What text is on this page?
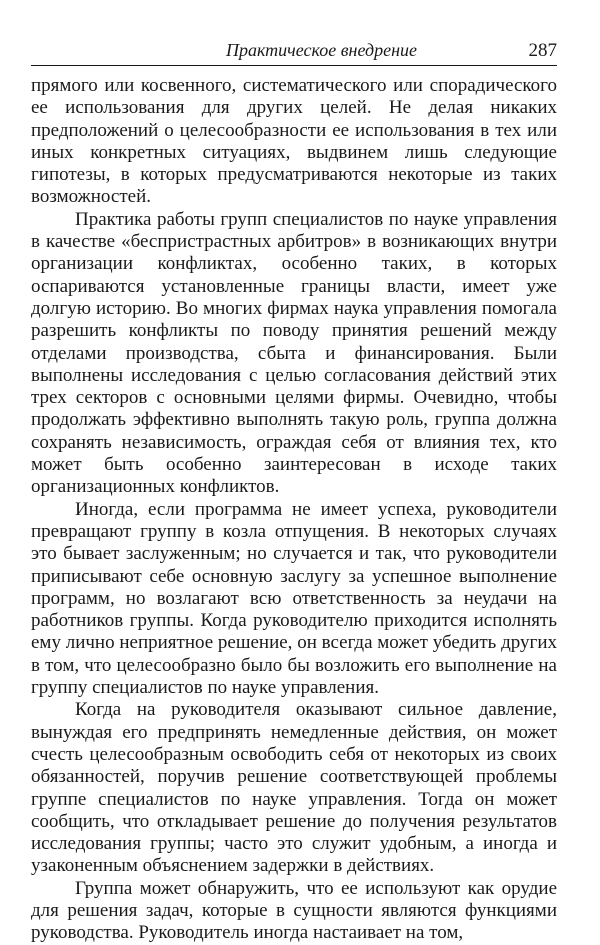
Практическое внедрение	287

прямого или косвенного, систематического или спорадического ее использования для других целей. Не делая никаких предположений о целесообразности ее использования в тех или иных конкретных ситуациях, выдвинем лишь следующие гипотезы, в которых предусматриваются некоторые из таких возможностей.

Практика работы групп специалистов по науке управления в качестве «беспристрастных арбитров» в возникающих внутри организации конфликтах, особенно таких, в которых оспариваются установленные границы власти, имеет уже долгую историю. Во многих фирмах наука управления помогала разрешить конфликты по поводу принятия решений между отделами производства, сбыта и финансирования. Были выполнены исследования с целью согласования действий этих трех секторов с основными целями фирмы. Очевидно, чтобы продолжать эффективно выполнять такую роль, группа должна сохранять независимость, ограждая себя от влияния тех, кто может быть особенно заинтересован в исходе таких организационных конфликтов.

Иногда, если программа не имеет успеха, руководители превращают группу в козла отпущения. В некоторых случаях это бывает заслуженным; но случается и так, что руководители приписывают себе основную заслугу за успешное выполнение программ, но возлагают всю ответственность за неудачи на работников группы. Когда руководителю приходится исполнять ему лично неприятное решение, он всегда может убедить других в том, что целесообразно было бы возложить его выполнение на группу специалистов по науке управления.

Когда на руководителя оказывают сильное давление, вынуждая его предпринять немедленные действия, он может счесть целесообразным освободить себя от некоторых из своих обязанностей, поручив решение соответствующей проблемы группе специалистов по науке управления. Тогда он может сообщить, что откладывает решение до получения результатов исследования группы; часто это служит удобным, а иногда и узаконенным объяснением задержки в действиях.

Группа может обнаружить, что ее используют как орудие для решения задач, которые в сущности являются функциями руководства. Руководитель иногда настаивает на том,
